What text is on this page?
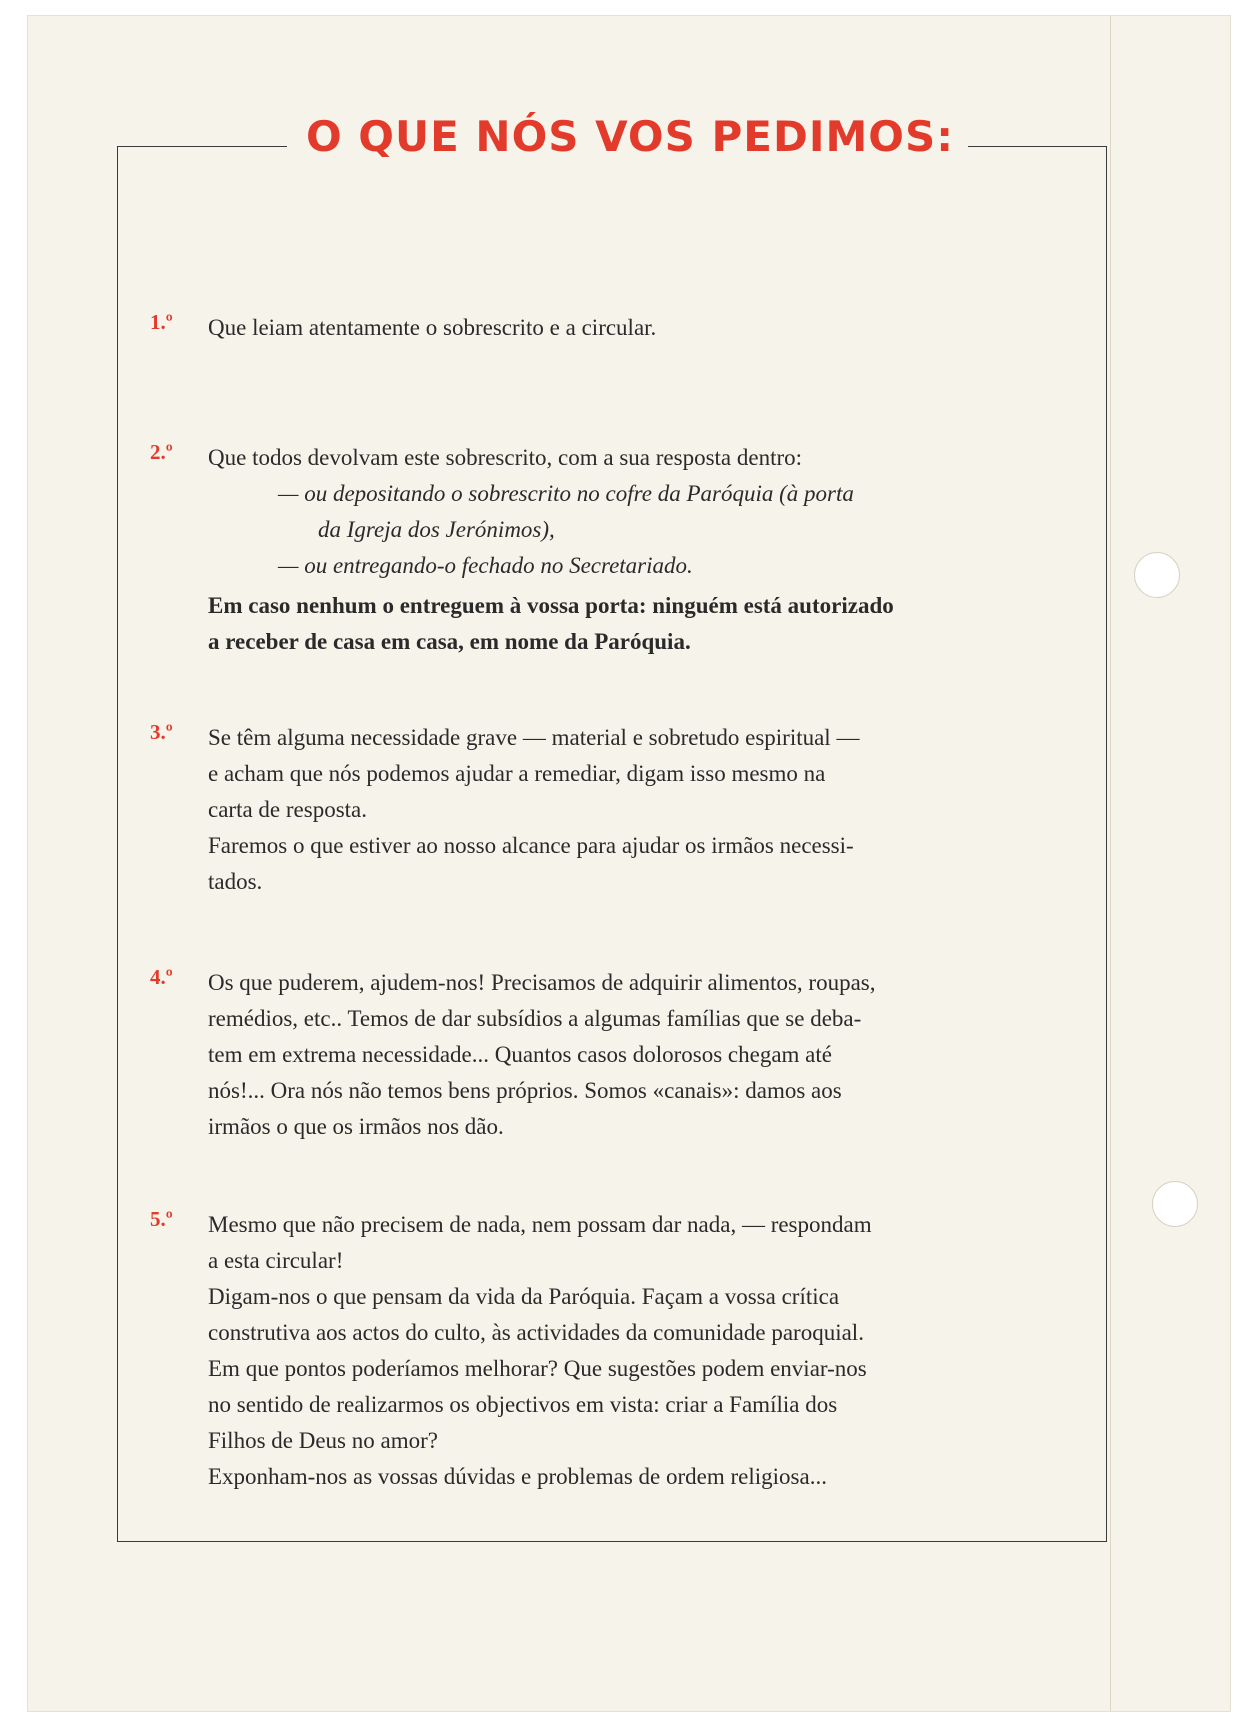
O QUE NÓS VOS PEDIMOS:
1.º Que leiam atentamente o sobrescrito e a circular.
2.º Que todos devolvam este sobrescrito, com a sua resposta dentro:
— ou depositando o sobrescrito no cofre da Paróquia (à porta
da Igreja dos Jerónimos),
— ou entregando-o fechado no Secretariado.
Em caso nenhum o entreguem à vossa porta: ninguém está autorizado
a receber de casa em casa, em nome da Paróquia.
3.º Se têm alguma necessidade grave — material e sobretudo espiritual —
e acham que nós podemos ajudar a remediar, digam isso mesmo na
carta de resposta.
Faremos o que estiver ao nosso alcance para ajudar os irmãos necessi-
tados.
4.º Os que puderem, ajudem-nos! Precisamos de adquirir alimentos, roupas,
remédios, etc.. Temos de dar subsídios a algumas famílias que se deba-
tem em extrema necessidade... Quantos casos dolorosos chegam até
nós!... Ora nós não temos bens próprios. Somos «canais»: damos aos
irmãos o que os irmãos nos dão.
5.º Mesmo que não precisem de nada, nem possam dar nada, — respondam
a esta circular!
Digam-nos o que pensam da vida da Paróquia. Façam a vossa crítica
construtiva aos actos do culto, às actividades da comunidade paroquial.
Em que pontos poderíamos melhorar? Que sugestões podem enviar-nos
no sentido de realizarmos os objectivos em vista: criar a Família dos
Filhos de Deus no amor?
Exponham-nos as vossas dúvidas e problemas de ordem religiosa...
